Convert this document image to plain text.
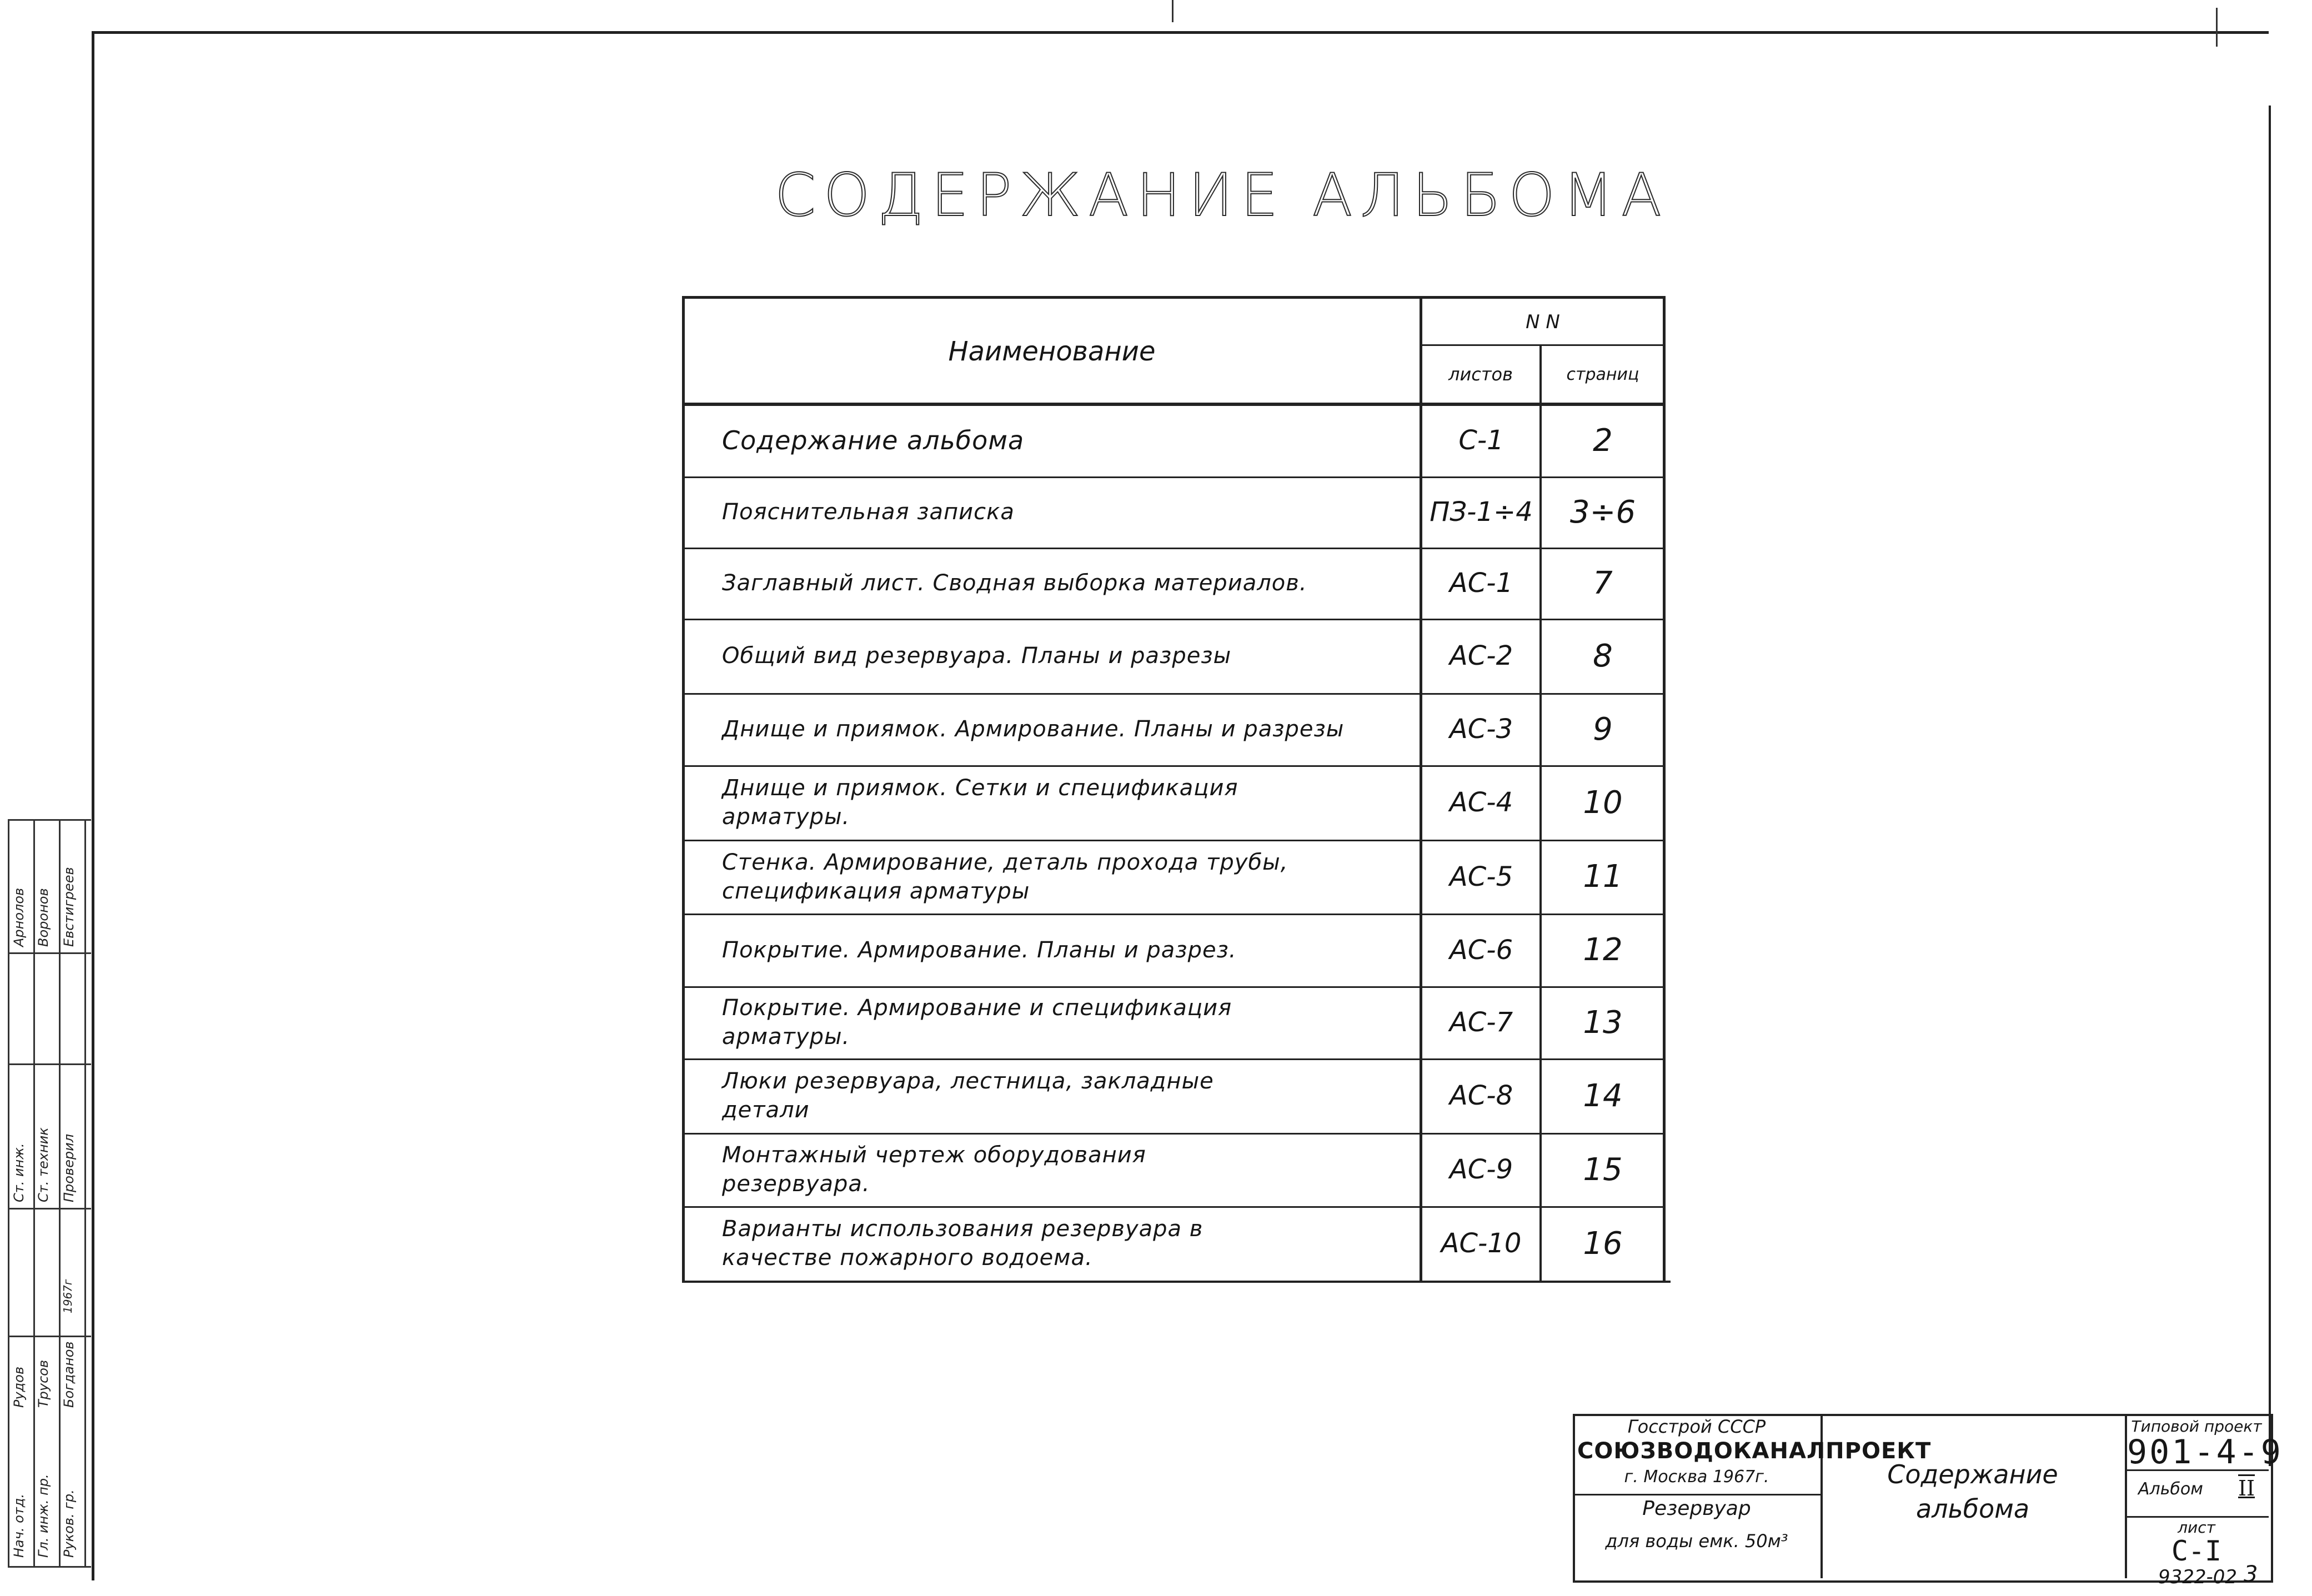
СОДЕРЖАНИЕ АЛЬБОМА
Наименование
N N
листов	страниц
Содержание альбома	С-1	2
Пояснительная записка	ПЗ-1÷4	3÷6
Заглавный лист. Сводная выборка материалов.	АС-1	7
Общий вид резервуара. Планы и разрезы	АС-2	8
Днище и приямок. Армирование. Планы и разрезы	АС-3	9
Днище и приямок. Сетки и спецификация
арматуры.	АС-4	10
Стенка. Армирование, деталь прохода трубы,
спецификация арматуры	АС-5	11
Покрытие. Армирование. Планы и разрез.	АС-6	12
Покрытие. Армирование и спецификация
арматуры.	АС-7	13
Люки резервуара, лестница, закладные
детали	АС-8	14
Монтажный чертеж оборудования
резервуара.	АС-9	15
Варианты использования резервуара в
качестве пожарного водоема.	АС-10	16
Нач. отд. Гл. инж. пр. Руков. гр.
Рудов Трусов Богданов
Ст. инж. Ст. техник Проверил
Арнолов Воронов Евстигреев
1967г
Госстрой СССР
СОЮЗВОДОКАНАЛПРОЕКТ
г. Москва 1967г.
Резервуар
для воды емк. 50м³
Содержание
альбома
Типовой проект
901-4-9
Альбом II
лист
С-I
9322-02 3
